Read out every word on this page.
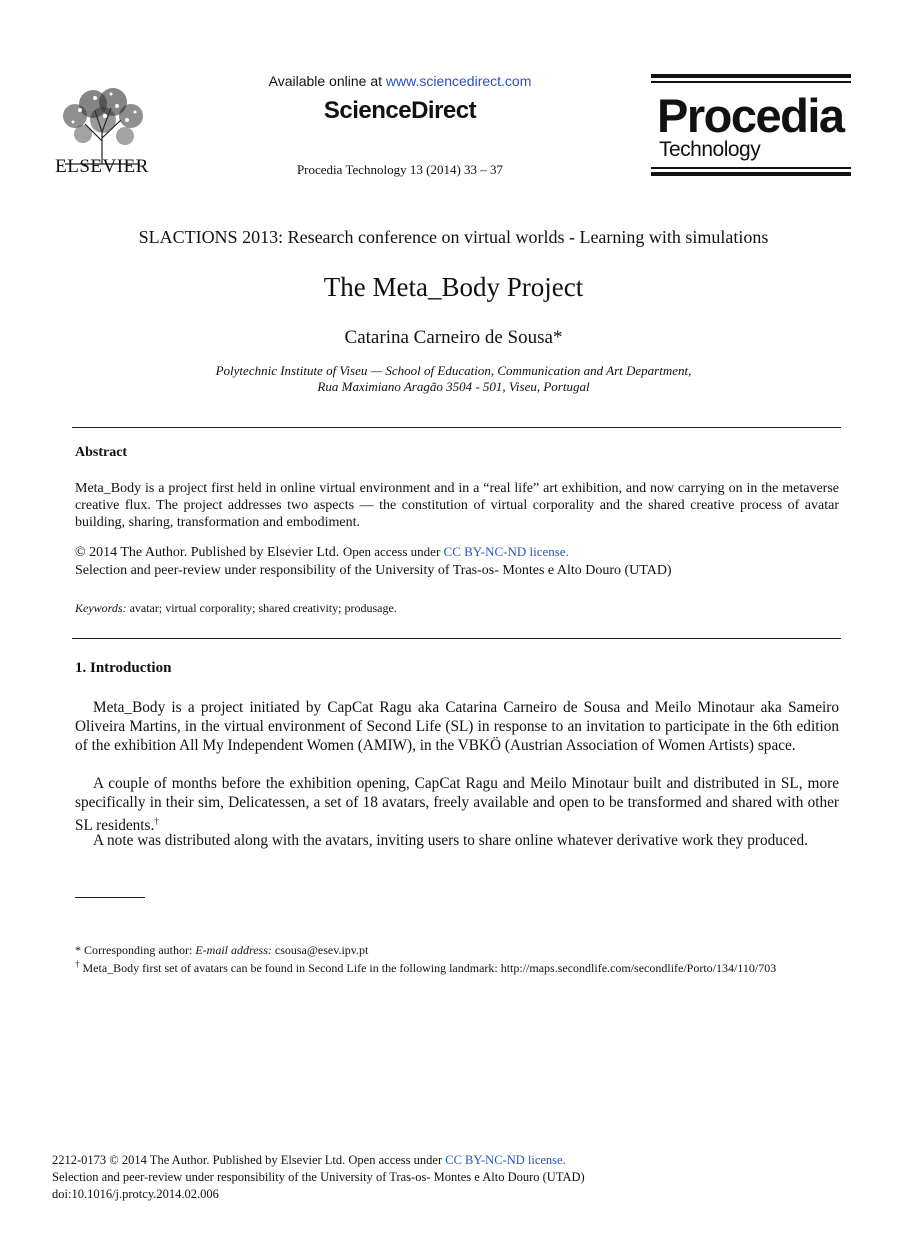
ELSEVIER
Available online at www.sciencedirect.com
ScienceDirect
Procedia Technology 13 (2014) 33 – 37
Procedia
Technology
SLACTIONS 2013: Research conference on virtual worlds - Learning with simulations
The Meta_Body Project
Catarina Carneiro de Sousa*
Polytechnic Institute of Viseu — School of Education, Communication and Art Department,
Rua Maximiano Aragão 3504 - 501, Viseu, Portugal
Abstract
Meta_Body is a project first held in online virtual environment and in a “real life” art exhibition, and now carrying on in the metaverse creative flux. The project addresses two aspects — the constitution of virtual corporality and the shared creative process of avatar building, sharing, transformation and embodiment.
© 2014 The Author. Published by Elsevier Ltd. Open access under CC BY-NC-ND license.
Selection and peer-review under responsibility of the University of Tras-os- Montes e Alto Douro (UTAD)
Keywords: avatar; virtual corporality; shared creativity; produsage.
1. Introduction
Meta_Body is a project initiated by CapCat Ragu aka Catarina Carneiro de Sousa and Meilo Minotaur aka Sameiro Oliveira Martins, in the virtual environment of Second Life (SL) in response to an invitation to participate in the 6th edition of the exhibition All My Independent Women (AMIW), in the VBKÖ (Austrian Association of Women Artists) space.
A couple of months before the exhibition opening, CapCat Ragu and Meilo Minotaur built and distributed in SL, more specifically in their sim, Delicatessen, a set of 18 avatars, freely available and open to be transformed and shared with other SL residents.†
A note was distributed along with the avatars, inviting users to share online whatever derivative work they produced.
* Corresponding author: E-mail address: csousa@esev.ipv.pt
† Meta_Body first set of avatars can be found in Second Life in the following landmark: http://maps.secondlife.com/secondlife/Porto/134/110/703
2212-0173 © 2014 The Author. Published by Elsevier Ltd. Open access under CC BY-NC-ND license.
Selection and peer-review under responsibility of the University of Tras-os- Montes e Alto Douro (UTAD)
doi:10.1016/j.protcy.2014.02.006
